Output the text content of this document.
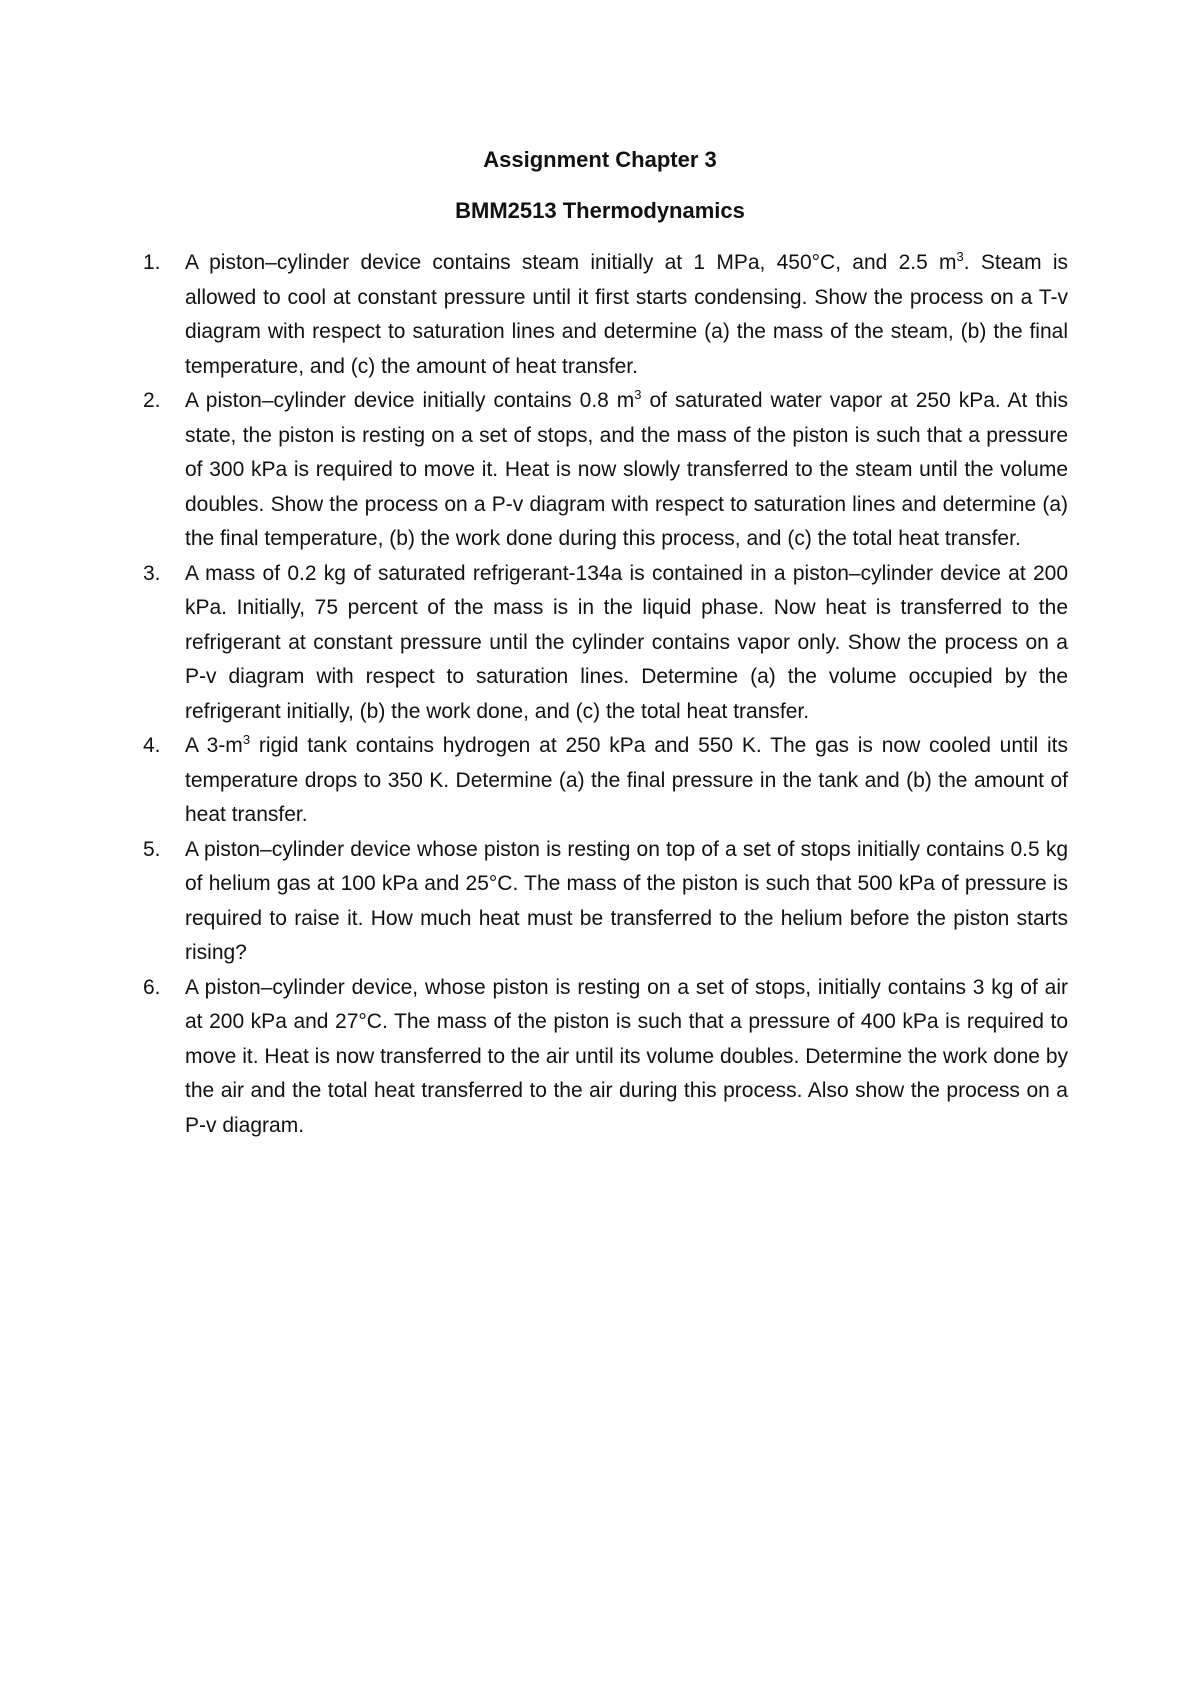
Assignment Chapter 3
BMM2513 Thermodynamics
1. A piston–cylinder device contains steam initially at 1 MPa, 450°C, and 2.5 $m^3$. Steam is allowed to cool at constant pressure until it first starts condensing. Show the process on a T-v diagram with respect to saturation lines and determine (a) the mass of the steam, (b) the final temperature, and (c) the amount of heat transfer.
2. A piston–cylinder device initially contains 0.8 $m^3$ of saturated water vapor at 250 kPa. At this state, the piston is resting on a set of stops, and the mass of the piston is such that a pressure of 300 kPa is required to move it. Heat is now slowly transferred to the steam until the volume doubles. Show the process on a P-v diagram with respect to saturation lines and determine (a) the final temperature, (b) the work done during this process, and (c) the total heat transfer.
3. A mass of 0.2 kg of saturated refrigerant-134a is contained in a piston–cylinder device at 200 kPa. Initially, 75 percent of the mass is in the liquid phase. Now heat is transferred to the refrigerant at constant pressure until the cylinder contains vapor only. Show the process on a P-v diagram with respect to saturation lines. Determine (a) the volume occupied by the refrigerant initially, (b) the work done, and (c) the total heat transfer.
4. A $3-m^3$ rigid tank contains hydrogen at 250 kPa and 550 K. The gas is now cooled until its temperature drops to 350 K. Determine (a) the final pressure in the tank and (b) the amount of heat transfer.
5. A piston–cylinder device whose piston is resting on top of a set of stops initially contains 0.5 kg of helium gas at 100 kPa and 25°C. The mass of the piston is such that 500 kPa of pressure is required to raise it. How much heat must be transferred to the helium before the piston starts rising?
6. A piston–cylinder device, whose piston is resting on a set of stops, initially contains 3 kg of air at 200 kPa and 27°C. The mass of the piston is such that a pressure of 400 kPa is required to move it. Heat is now transferred to the air until its volume doubles. Determine the work done by the air and the total heat transferred to the air during this process. Also show the process on a P-v diagram.
